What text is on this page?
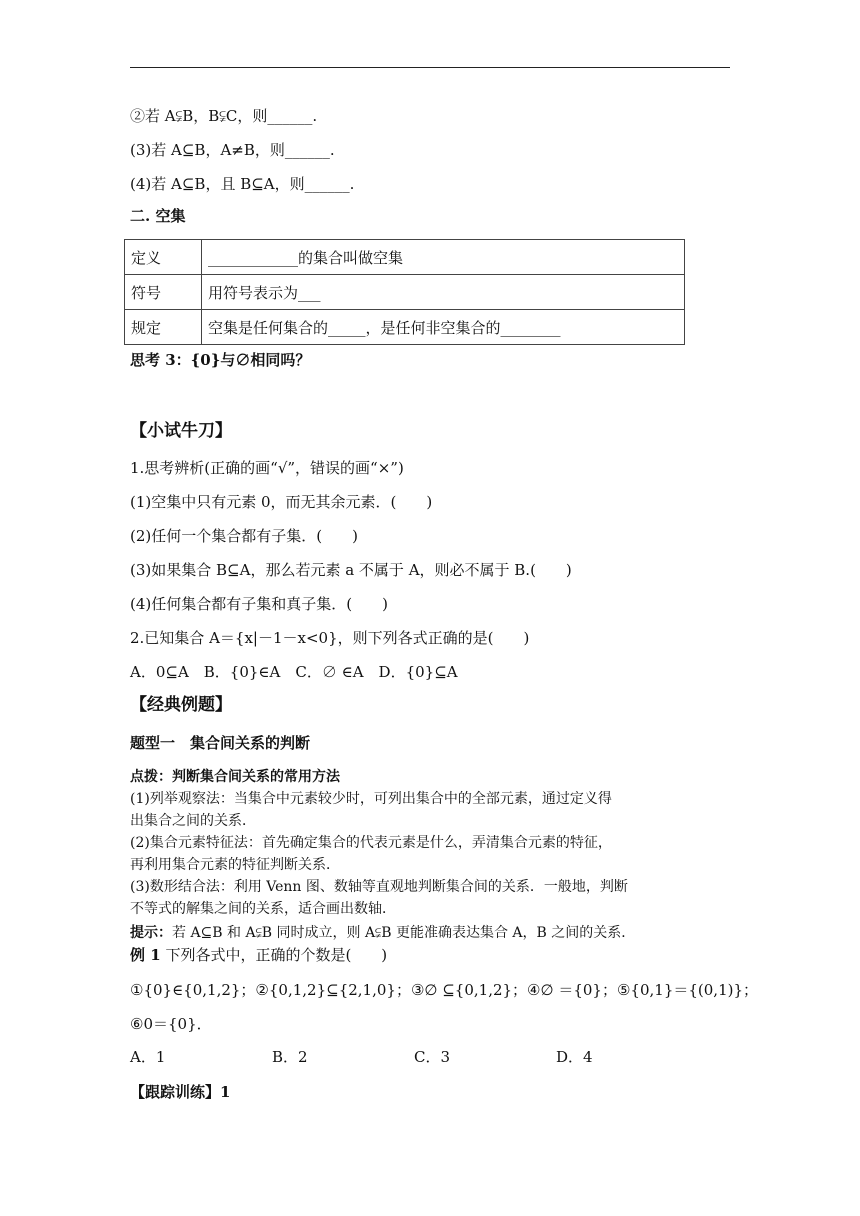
②若 A⫋B，B⫋C，则______.
(3)若 A⊆B，A≠B，则______.
(4)若 A⊆B，且 B⊆A，则______.
二. 空集
定义	____________的集合叫做空集
符号	用符号表示为___
规定	空集是任何集合的_____，是任何非空集合的________
思考 3：{0}与∅相同吗？
【小试牛刀】
1.思考辨析(正确的画“√”，错误的画“×”)
(1)空集中只有元素 0，而无其余元素．(　　)
(2)任何一个集合都有子集．(　　)
(3)如果集合 B⊆A，那么若元素 a 不属于 A，则必不属于 B.(　　)
(4)任何集合都有子集和真子集．(　　)
2.已知集合 A＝{x|－1－x<0}，则下列各式正确的是(　　)
A．0⊆A　B．{0}∈A　C．∅ ∈A　D．{0}⊆A
【经典例题】
题型一　集合间关系的判断
点拨：判断集合间关系的常用方法
(1)列举观察法：当集合中元素较少时，可列出集合中的全部元素，通过定义得
出集合之间的关系．
(2)集合元素特征法：首先确定集合的代表元素是什么，弄清集合元素的特征，
再利用集合元素的特征判断关系．
(3)数形结合法：利用 Venn 图、数轴等直观地判断集合间的关系．一般地，判断
不等式的解集之间的关系，适合画出数轴．
提示：若 A⊆B 和 A⫋B 同时成立，则 A⫋B 更能准确表达集合 A，B 之间的关系．
例 1 下列各式中，正确的个数是(　　)
①{0}∈{0,1,2}；②{0,1,2}⊆{2,1,0}；③∅ ⊆{0,1,2}；④∅ ＝{0}；⑤{0,1}＝{(0,1)}；
⑥0＝{0}．
A．1	B．2	C．3	D．4
【跟踪训练】1
